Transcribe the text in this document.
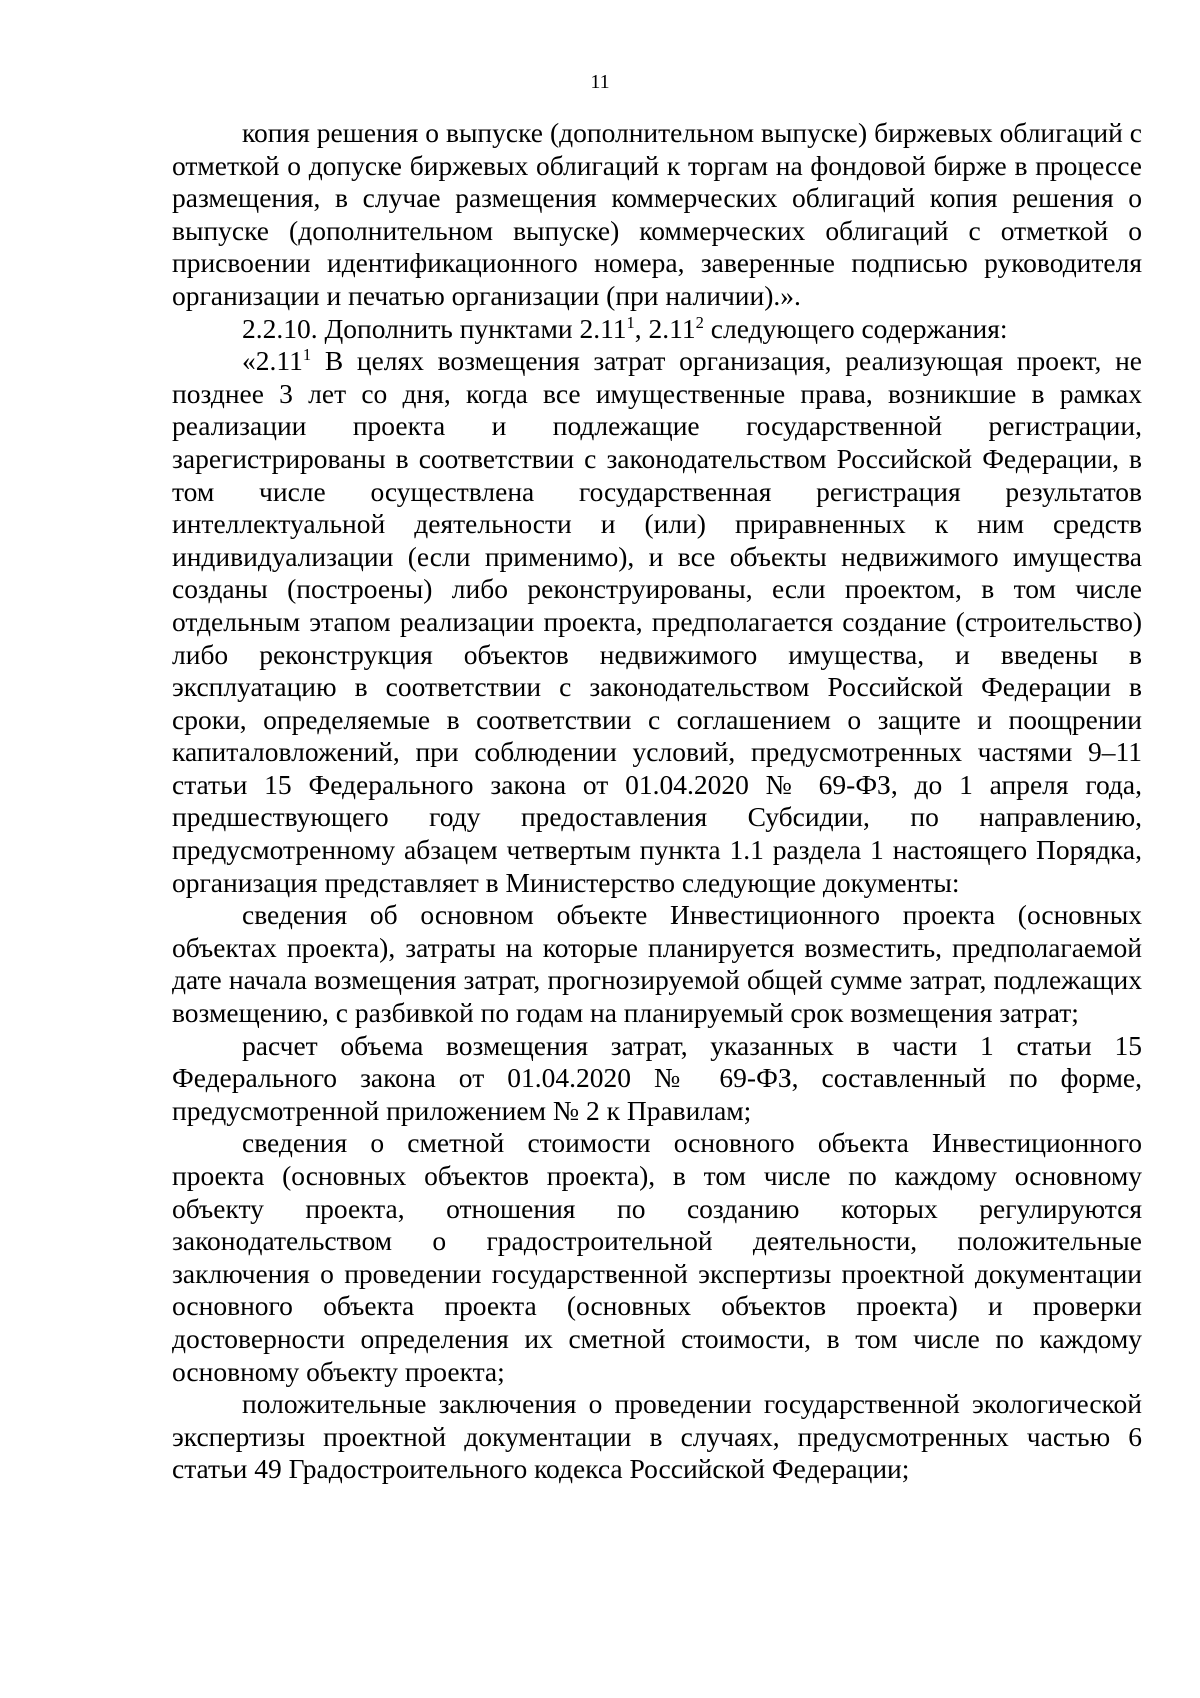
11

копия решения о выпуске (дополнительном выпуске) биржевых облигаций с отметкой о допуске биржевых облигаций к торгам на фондовой бирже в процессе размещения, в случае размещения коммерческих облигаций копия решения о выпуске (дополнительном выпуске) коммерческих облигаций с отметкой о присвоении идентификационного номера, заверенные подписью руководителя организации и печатью организации (при наличии).».

2.2.10. Дополнить пунктами 2.11$^1$, 2.11$^2$ следующего содержания:

«2.11$^1$ В целях возмещения затрат организация, реализующая проект, не позднее 3 лет со дня, когда все имущественные права, возникшие в рамках реализации проекта и подлежащие государственной регистрации, зарегистрированы в соответствии с законодательством Российской Федерации, в том числе осуществлена государственная регистрация результатов интеллектуальной деятельности и (или) приравненных к ним средств индивидуализации (если применимо), и все объекты недвижимого имущества созданы (построены) либо реконструированы, если проектом, в том числе отдельным этапом реализации проекта, предполагается создание (строительство) либо реконструкция объектов недвижимого имущества, и введены в эксплуатацию в соответствии с законодательством Российской Федерации в сроки, определяемые в соответствии с соглашением о защите и поощрении капиталовложений, при соблюдении условий, предусмотренных частями 9–11 статьи 15 Федерального закона от 01.04.2020 № 69-ФЗ, до 1 апреля года, предшествующего году предоставления Субсидии, по направлению, предусмотренному абзацем четвертым пункта 1.1 раздела 1 настоящего Порядка, организация представляет в Министерство следующие документы:

сведения об основном объекте Инвестиционного проекта (основных объектах проекта), затраты на которые планируется возместить, предполагаемой дате начала возмещения затрат, прогнозируемой общей сумме затрат, подлежащих возмещению, с разбивкой по годам на планируемый срок возмещения затрат;

расчет объема возмещения затрат, указанных в части 1 статьи 15 Федерального закона от 01.04.2020 № 69-ФЗ, составленный по форме, предусмотренной приложением № 2 к Правилам;

сведения о сметной стоимости основного объекта Инвестиционного проекта (основных объектов проекта), в том числе по каждому основному объекту проекта, отношения по созданию которых регулируются законодательством о градостроительной деятельности, положительные заключения о проведении государственной экспертизы проектной документации основного объекта проекта (основных объектов проекта) и проверки достоверности определения их сметной стоимости, в том числе по каждому основному объекту проекта;

положительные заключения о проведении государственной экологической экспертизы проектной документации в случаях, предусмотренных частью 6 статьи 49 Градостроительного кодекса Российской Федерации;
